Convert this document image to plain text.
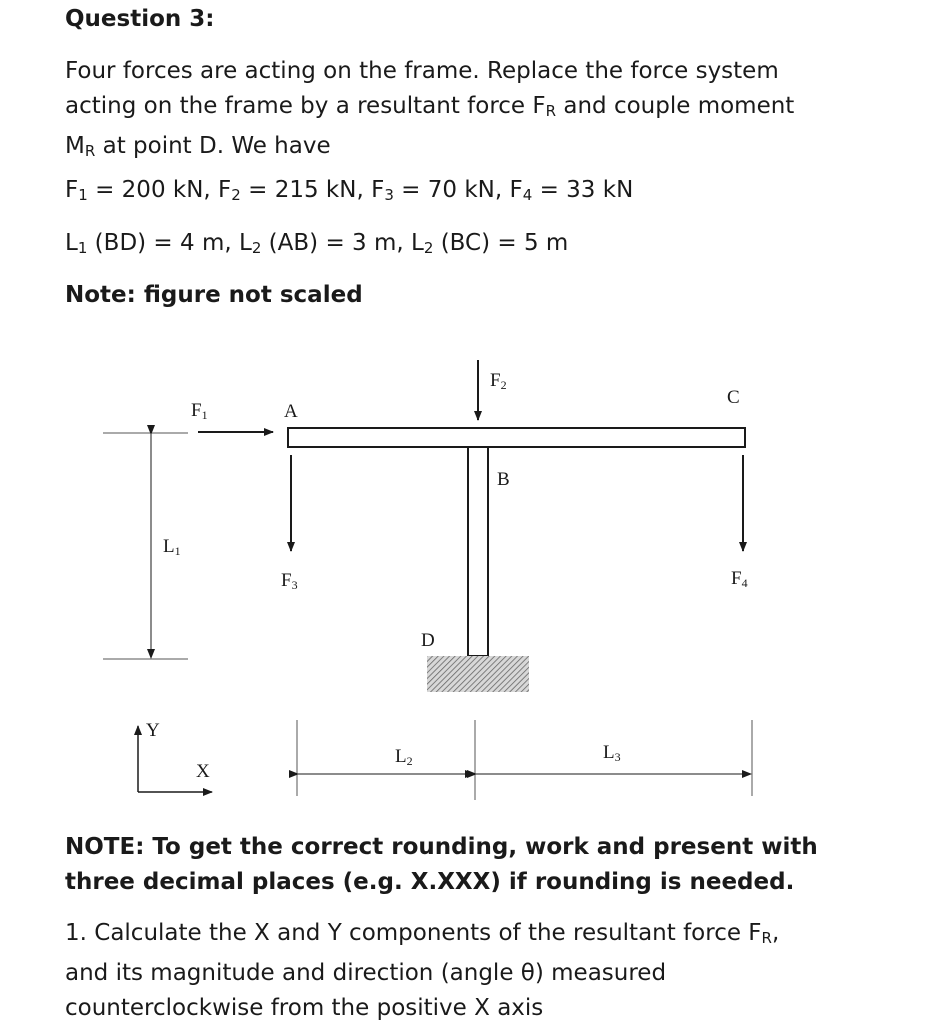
Question 3:
Four forces are acting on the frame. Replace the force system
acting on the frame by a resultant force $F_R$ and couple moment
$M_R$ at point D. We have
$F_1 = 200$ kN, $F_2 = 215$ kN, $F_3 = 70$ kN, $F_4 = 33$ kN
$L_1$ (BD) = 4 m, $L_2$ (AB) = 3 m, $L_2$ (BC) = 5 m
Note: figure not scaled
L1
F1	A
C
F2
B
D
F3	F4
Y
X
L2	L3
NOTE: To get the correct rounding, work and present with
three decimal places (e.g. X.XXX) if rounding is needed.
1. Calculate the X and Y components of the resultant force $F_R$,
and its magnitude and direction (angle θ) measured
counterclockwise from the positive X axis
